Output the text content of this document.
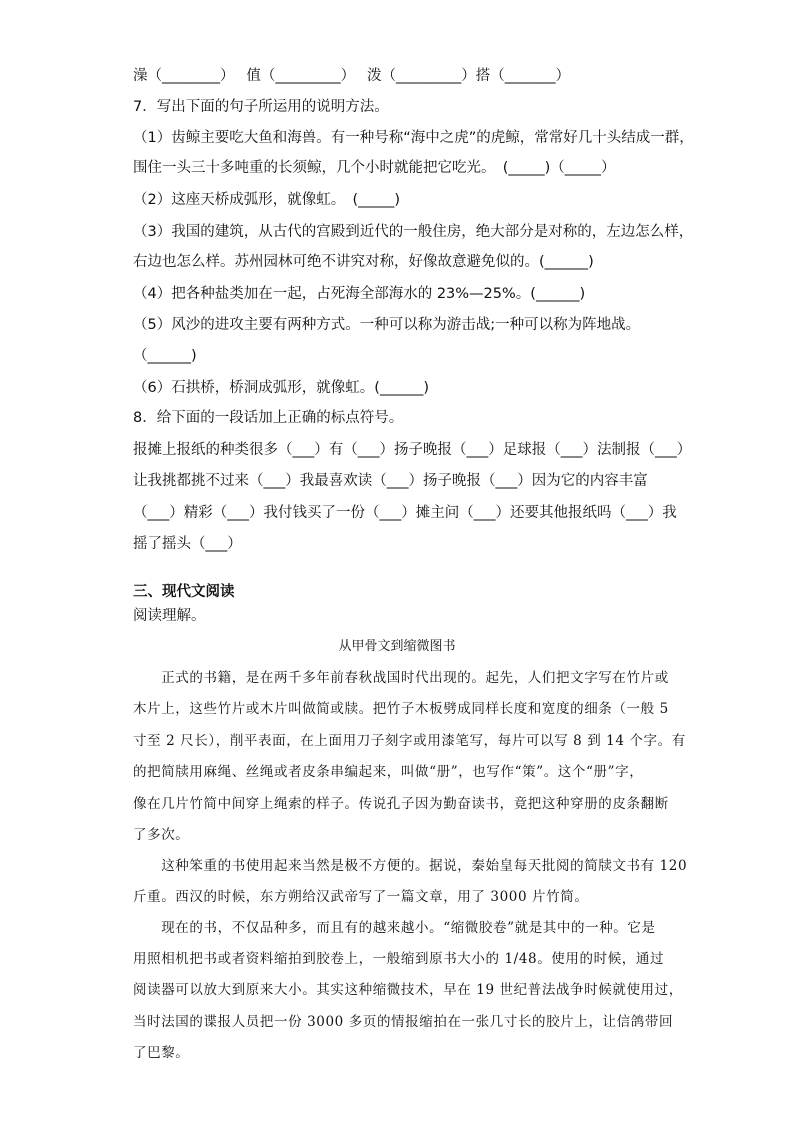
澡（________）　 值（_________）　 泼（_________）搭（_______）
7．写出下面的句子所运用的说明方法。
（1）齿鲸主要吃大鱼和海兽。有一种号称“海中之虎”的虎鲸，常常好几十头结成一群，
围住一头三十多吨重的长须鲸，几个小时就能把它吃光。　(_____)（_____）
（2）这座天桥成弧形，就像虹。　(_____)
（3）我国的建筑，从古代的宫殿到近代的一般住房，绝大部分是对称的，左边怎么样，
右边也怎么样。苏州园林可绝不讲究对称，好像故意避免似的。(______)
（4）把各种盐类加在一起，占死海全部海水的 23%—25%。(______)
（5）风沙的进攻主要有两种方式。一种可以称为游击战;一种可以称为阵地战。
（______)
（6）石拱桥，桥洞成弧形，就像虹。(______)
8．给下面的一段话加上正确的标点符号。
报摊上报纸的种类很多（___）有（___）扬子晚报（___）足球报（___）法制报（___）
让我挑都挑不过来（___）我最喜欢读（___）扬子晚报（___）因为它的内容丰富
（___）精彩（___）我付钱买了一份（___）摊主问（___）还要其他报纸吗（___）我
摇了摇头（___）
三、现代文阅读
阅读理解。
从甲骨文到缩微图书
　　正式的书籍，是在两千多年前春秋战国时代出现的。起先，人们把文字写在竹片或
木片上，这些竹片或木片叫做简或牍。把竹子木板劈成同样长度和宽度的细条（一般 5
寸至 2 尺长），削平表面，在上面用刀子刻字或用漆笔写，每片可以写 8 到 14 个字。有
的把简牍用麻绳、丝绳或者皮条串编起来，叫做“册”，也写作“策”。这个“册”字，
像在几片竹简中间穿上绳索的样子。传说孔子因为勤奋读书，竟把这种穿册的皮条翻断
了多次。
　　这种笨重的书使用起来当然是极不方便的。据说，秦始皇每天批阅的简牍文书有 120
斤重。西汉的时候，东方朔给汉武帝写了一篇文章，用了 3000 片竹简。
　　现在的书，不仅品种多，而且有的越来越小。“缩微胶卷”就是其中的一种。它是
用照相机把书或者资料缩拍到胶卷上，一般缩到原书大小的 1/48。使用的时候，通过
阅读器可以放大到原来大小。其实这种缩微技术，早在 19 世纪普法战争时候就使用过，
当时法国的谍报人员把一份 3000 多页的情报缩拍在一张几寸长的胶片上，让信鸽带回
了巴黎。
